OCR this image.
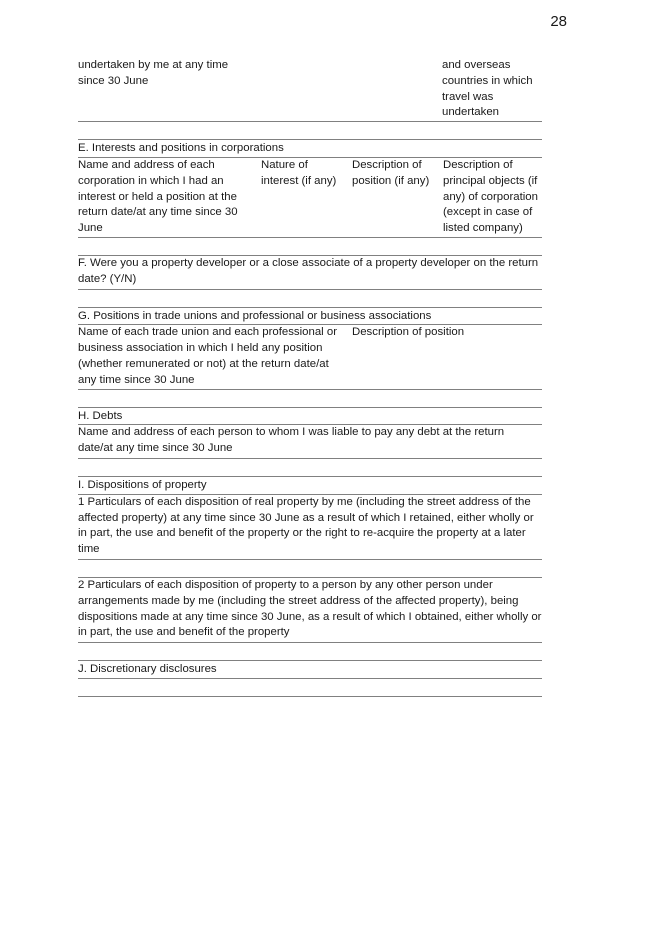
28
undertaken by me at any time since 30 June
and overseas countries in which travel was undertaken
E. Interests and positions in corporations
Name and address of each corporation in which I had an interest or held a position at the return date/at any time since 30 June
Nature of interest (if any)
Description of position (if any)
Description of principal objects (if any) of corporation (except in case of listed company)
F. Were you a property developer or a close associate of a property developer on the return date? (Y/N)
G. Positions in trade unions and professional or business associations
Name of each trade union and each professional or business association in which I held any position (whether remunerated or not) at the return date/at any time since 30 June
Description of position
H. Debts
Name and address of each person to whom I was liable to pay any debt at the return date/at any time since 30 June
I. Dispositions of property
1 Particulars of each disposition of real property by me (including the street address of the affected property) at any time since 30 June as a result of which I retained, either wholly or in part, the use and benefit of the property or the right to re-acquire the property at a later time
2 Particulars of each disposition of property to a person by any other person under arrangements made by me (including the street address of the affected property), being dispositions made at any time since 30 June, as a result of which I obtained, either wholly or in part, the use and benefit of the property
J. Discretionary disclosures
